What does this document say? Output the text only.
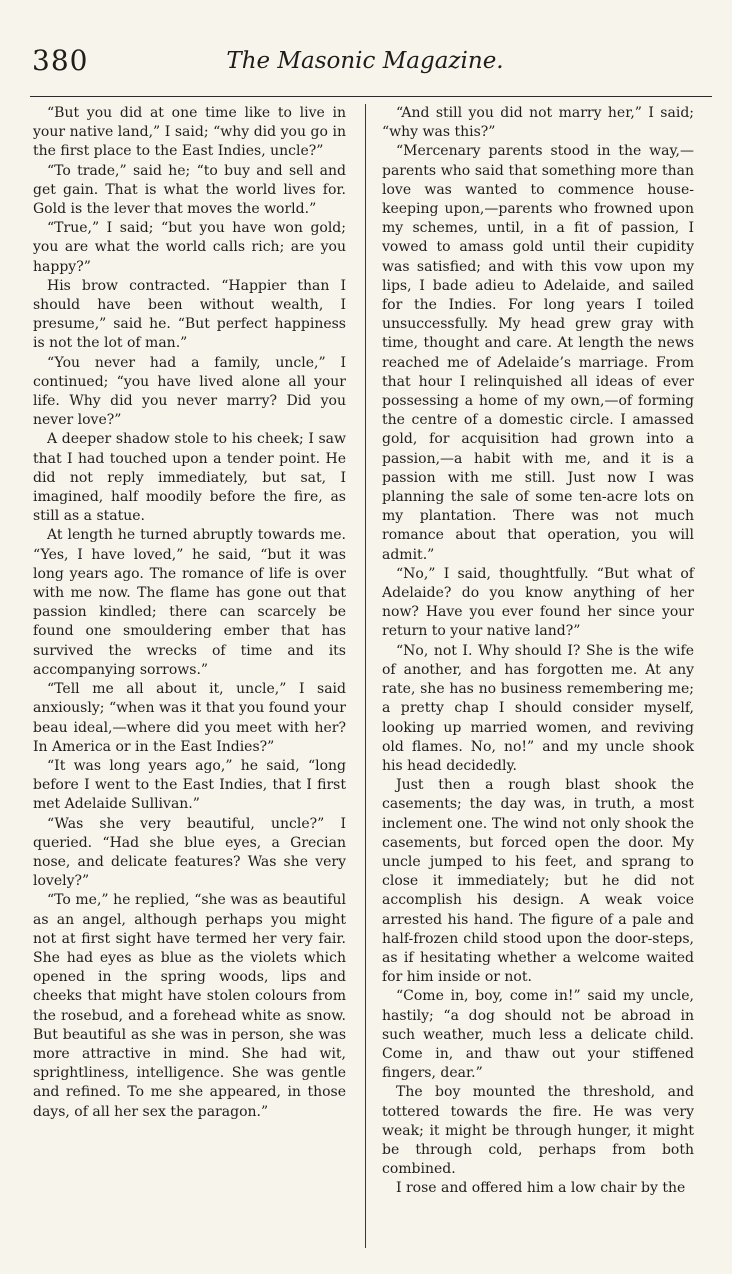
380	The Masonic Magazine.

“But you did at one time like to live in your native land,” I said; “why did you go in the first place to the East Indies, uncle?”

“To trade,” said he; “to buy and sell and get gain. That is what the world lives for. Gold is the lever that moves the world.”

“True,” I said; “but you have won gold; you are what the world calls rich; are you happy?”

His brow contracted. “Happier than I should have been without wealth, I presume,” said he. “But perfect happiness is not the lot of man.”

“You never had a family, uncle,” I continued; “you have lived alone all your life. Why did you never marry? Did you never love?”

A deeper shadow stole to his cheek; I saw that I had touched upon a tender point. He did not reply immediately, but sat, I imagined, half moodily before the fire, as still as a statue.

At length he turned abruptly towards me. “Yes, I have loved,” he said, “but it was long years ago. The romance of life is over with me now. The flame has gone out that passion kindled; there can scarcely be found one smouldering ember that has survived the wrecks of time and its accompanying sorrows.”

“Tell me all about it, uncle,” I said anxiously; “when was it that you found your beau ideal,—where did you meet with her? In America or in the East Indies?”

“It was long years ago,” he said, “long before I went to the East Indies, that I first met Adelaide Sullivan.”

“Was she very beautiful, uncle?” I queried. “Had she blue eyes, a Grecian nose, and delicate features? Was she very lovely?”

“To me,” he replied, “she was as beautiful as an angel, although perhaps you might not at first sight have termed her very fair. She had eyes as blue as the violets which opened in the spring woods, lips and cheeks that might have stolen colours from the rosebud, and a forehead white as snow. But beautiful as she was in person, she was more attractive in mind. She had wit, sprightliness, intelligence. She was gentle and refined. To me she appeared, in those days, of all her sex the paragon.”

“And still you did not marry her,” I said; “why was this?”

“Mercenary parents stood in the way,—parents who said that something more than love was wanted to commence house-keeping upon,—parents who frowned upon my schemes, until, in a fit of passion, I vowed to amass gold until their cupidity was satisfied; and with this vow upon my lips, I bade adieu to Adelaide, and sailed for the Indies. For long years I toiled unsuccessfully. My head grew gray with time, thought and care. At length the news reached me of Adelaide’s marriage. From that hour I relinquished all ideas of ever possessing a home of my own,—of forming the centre of a domestic circle. I amassed gold, for acquisition had grown into a passion,—a habit with me, and it is a passion with me still. Just now I was planning the sale of some ten-acre lots on my plantation. There was not much romance about that operation, you will admit.”

“No,” I said, thoughtfully. “But what of Adelaide? do you know anything of her now? Have you ever found her since your return to your native land?”

“No, not I. Why should I? She is the wife of another, and has forgotten me. At any rate, she has no business remembering me; a pretty chap I should consider myself, looking up married women, and reviving old flames. No, no!” and my uncle shook his head decidedly.

Just then a rough blast shook the casements; the day was, in truth, a most inclement one. The wind not only shook the casements, but forced open the door. My uncle jumped to his feet, and sprang to close it immediately; but he did not accomplish his design. A weak voice arrested his hand. The figure of a pale and half-frozen child stood upon the door-steps, as if hesitating whether a welcome waited for him inside or not.

“Come in, boy, come in!” said my uncle, hastily; “a dog should not be abroad in such weather, much less a delicate child. Come in, and thaw out your stiffened fingers, dear.”

The boy mounted the threshold, and tottered towards the fire. He was very weak; it might be through hunger, it might be through cold, perhaps from both combined.

I rose and offered him a low chair by the
